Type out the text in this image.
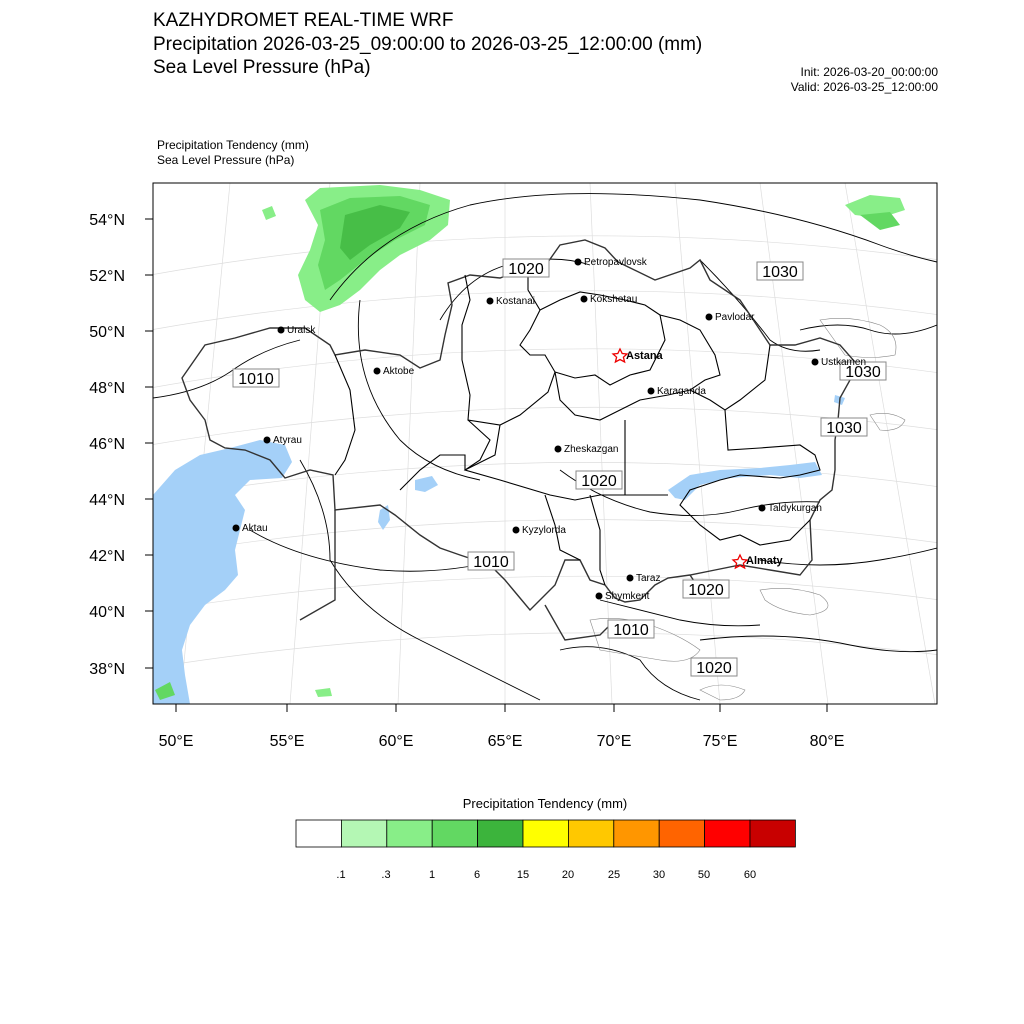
KAZHYDROMET REAL-TIME WRF
Precipitation 2026-03-25_09:00:00 to 2026-03-25_12:00:00 (mm)
Sea Level Pressure (hPa)	Init: 2026-03-20_00:00:00
Valid: 2026-03-25_12:00:00
Precipitation Tendency (mm)
Sea Level Pressure (hPa)
54°N
52°N
50°N
48°N
46°N
44°N
42°N
40°N
38°N
50°E	55°E	60°E	65°E	70°E	75°E	80°E
1020	1030
1010	1030
1030
1020
1010
1020
1010
1020
Petropavlovsk
Kostanai	Kokshetau
Pavlodar
Uralsk
Aktobe
Astana
Karaganda
Ustkamen
Atyrau
Zheskazgan
Aktau	Kyzylorda
Taldykurgan
Almaty
Taraz
Shymkent
Precipitation Tendency (mm)
.1	.3	1	6	15	20	25	30	50	60
